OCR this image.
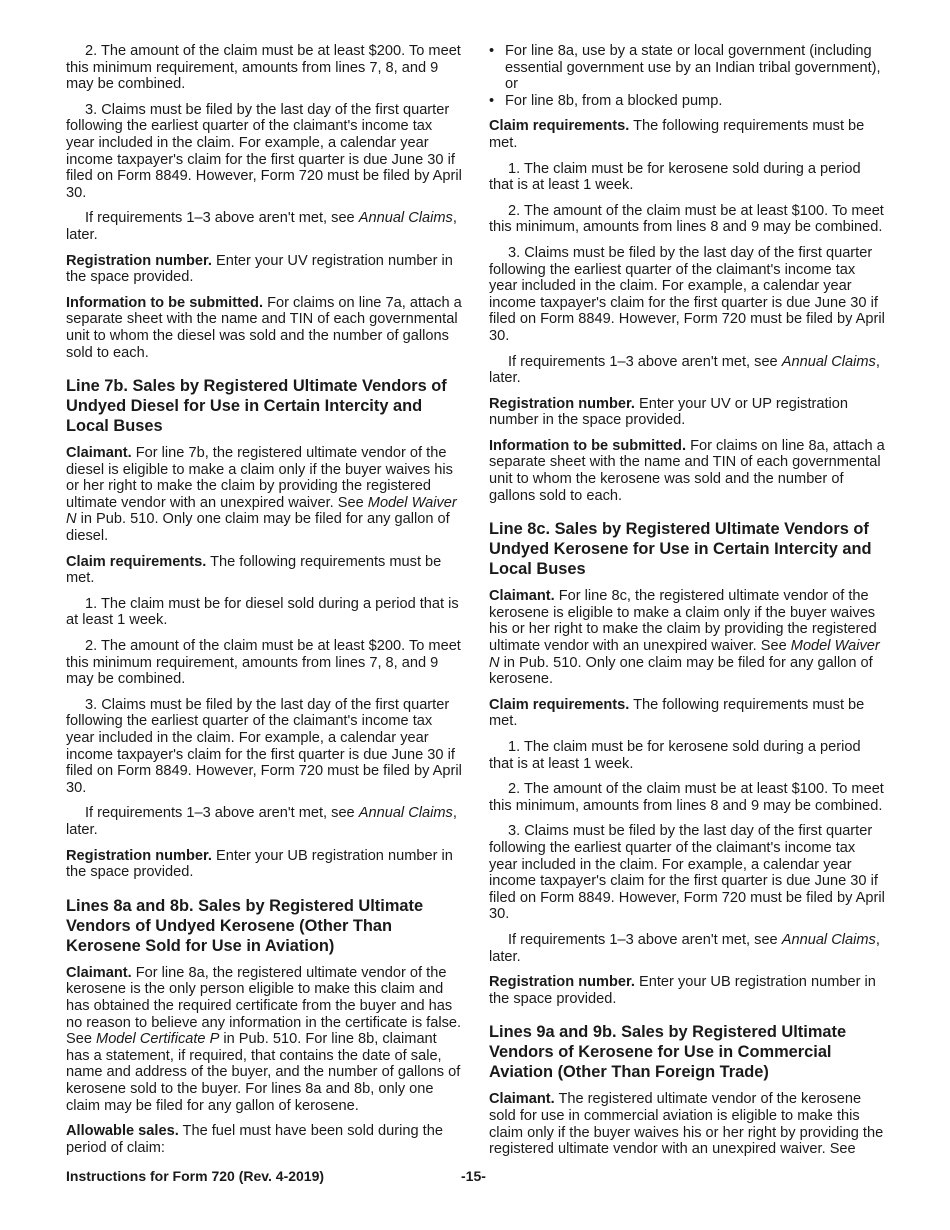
2. The amount of the claim must be at least $200. To meet this minimum requirement, amounts from lines 7, 8, and 9 may be combined.

3. Claims must be filed by the last day of the first quarter following the earliest quarter of the claimant's income tax year included in the claim. For example, a calendar year income taxpayer's claim for the first quarter is due June 30 if filed on Form 8849. However, Form 720 must be filed by April 30.

If requirements 1–3 above aren't met, see Annual Claims, later.

Registration number. Enter your UV registration number in the space provided.

Information to be submitted. For claims on line 7a, attach a separate sheet with the name and TIN of each governmental unit to whom the diesel was sold and the number of gallons sold to each.

Line 7b. Sales by Registered Ultimate Vendors of Undyed Diesel for Use in Certain Intercity and Local Buses

Claimant. For line 7b, the registered ultimate vendor of the diesel is eligible to make a claim only if the buyer waives his or her right to make the claim by providing the registered ultimate vendor with an unexpired waiver. See Model Waiver N in Pub. 510. Only one claim may be filed for any gallon of diesel.

Claim requirements. The following requirements must be met.

1. The claim must be for diesel sold during a period that is at least 1 week.

2. The amount of the claim must be at least $200. To meet this minimum requirement, amounts from lines 7, 8, and 9 may be combined.

3. Claims must be filed by the last day of the first quarter following the earliest quarter of the claimant's income tax year included in the claim. For example, a calendar year income taxpayer's claim for the first quarter is due June 30 if filed on Form 8849. However, Form 720 must be filed by April 30.

If requirements 1–3 above aren't met, see Annual Claims, later.

Registration number. Enter your UB registration number in the space provided.

Lines 8a and 8b. Sales by Registered Ultimate Vendors of Undyed Kerosene (Other Than Kerosene Sold for Use in Aviation)

Claimant. For line 8a, the registered ultimate vendor of the kerosene is the only person eligible to make this claim and has obtained the required certificate from the buyer and has no reason to believe any information in the certificate is false. See Model Certificate P in Pub. 510. For line 8b, claimant has a statement, if required, that contains the date of sale, name and address of the buyer, and the number of gallons of kerosene sold to the buyer. For lines 8a and 8b, only one claim may be filed for any gallon of kerosene.

Allowable sales. The fuel must have been sold during the period of claim:

• For line 8a, use by a state or local government (including essential government use by an Indian tribal government), or

• For line 8b, from a blocked pump.

Claim requirements. The following requirements must be met.

1. The claim must be for kerosene sold during a period that is at least 1 week.

2. The amount of the claim must be at least $100. To meet this minimum, amounts from lines 8 and 9 may be combined.

3. Claims must be filed by the last day of the first quarter following the earliest quarter of the claimant's income tax year included in the claim. For example, a calendar year income taxpayer's claim for the first quarter is due June 30 if filed on Form 8849. However, Form 720 must be filed by April 30.

If requirements 1–3 above aren't met, see Annual Claims, later.

Registration number. Enter your UV or UP registration number in the space provided.

Information to be submitted. For claims on line 8a, attach a separate sheet with the name and TIN of each governmental unit to whom the kerosene was sold and the number of gallons sold to each.

Line 8c. Sales by Registered Ultimate Vendors of Undyed Kerosene for Use in Certain Intercity and Local Buses

Claimant. For line 8c, the registered ultimate vendor of the kerosene is eligible to make a claim only if the buyer waives his or her right to make the claim by providing the registered ultimate vendor with an unexpired waiver. See Model Waiver N in Pub. 510. Only one claim may be filed for any gallon of kerosene.

Claim requirements. The following requirements must be met.

1. The claim must be for kerosene sold during a period that is at least 1 week.

2. The amount of the claim must be at least $100. To meet this minimum, amounts from lines 8 and 9 may be combined.

3. Claims must be filed by the last day of the first quarter following the earliest quarter of the claimant's income tax year included in the claim. For example, a calendar year income taxpayer's claim for the first quarter is due June 30 if filed on Form 8849. However, Form 720 must be filed by April 30.

If requirements 1–3 above aren't met, see Annual Claims, later.

Registration number. Enter your UB registration number in the space provided.

Lines 9a and 9b. Sales by Registered Ultimate Vendors of Kerosene for Use in Commercial Aviation (Other Than Foreign Trade)

Claimant. The registered ultimate vendor of the kerosene sold for use in commercial aviation is eligible to make this claim only if the buyer waives his or her right by providing the registered ultimate vendor with an unexpired waiver. See

Instructions for Form 720 (Rev. 4-2019)	-15-
